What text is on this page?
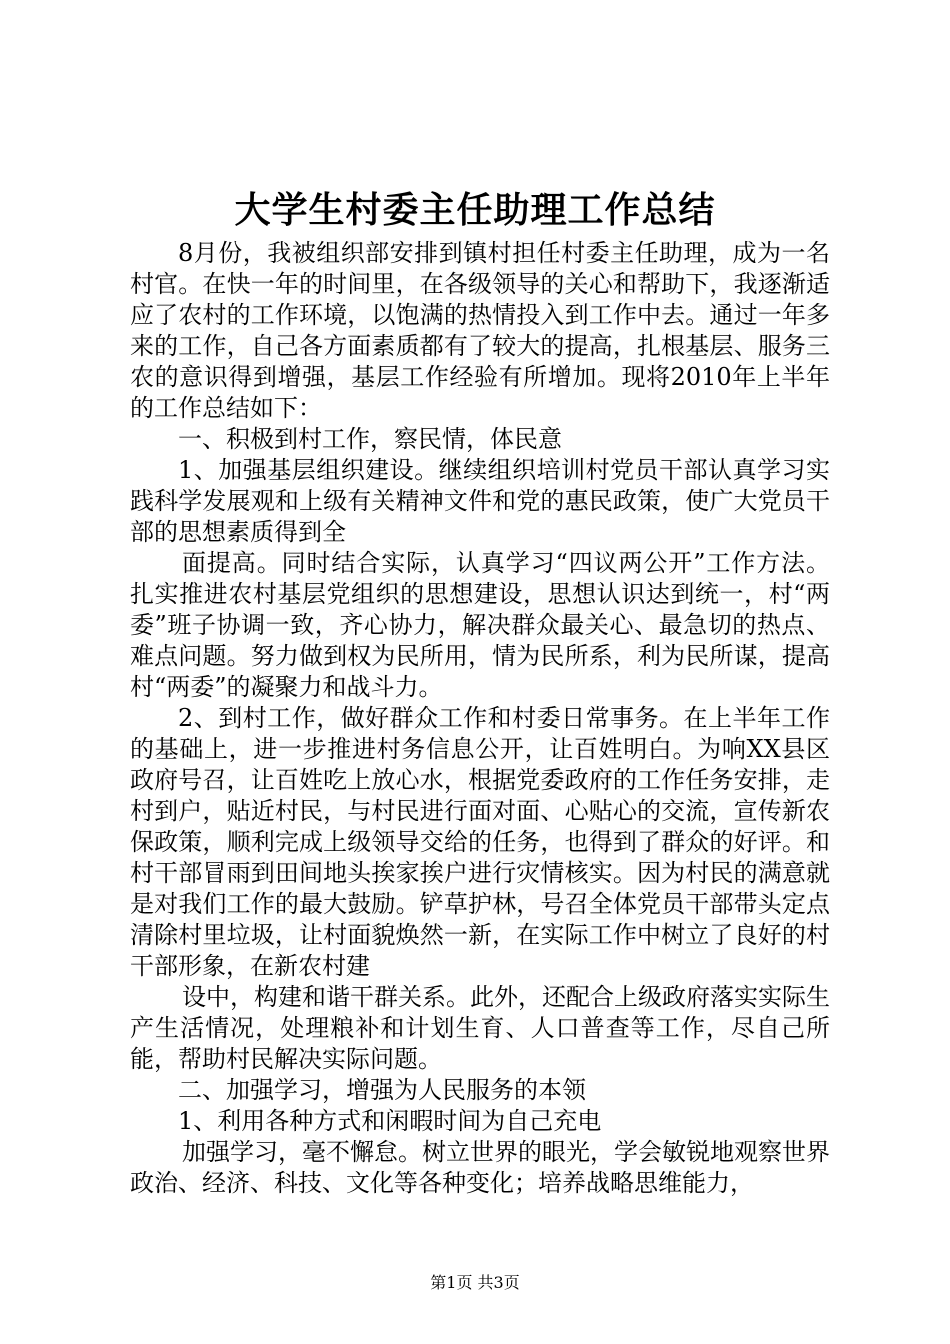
大学生村委主任助理工作总结

8月份，我被组织部安排到镇村担任村委主任助理，成为一名村官。在快一年的时间里，在各级领导的关心和帮助下，我逐渐适应了农村的工作环境，以饱满的热情投入到工作中去。通过一年多来的工作，自己各方面素质都有了较大的提高，扎根基层、服务三农的意识得到增强，基层工作经验有所增加。现将2010年上半年的工作总结如下：

一、积极到村工作，察民情，体民意

1、加强基层组织建设。继续组织培训村党员干部认真学习实践科学发展观和上级有关精神文件和党的惠民政策，使广大党员干部的思想素质得到全

面提高。同时结合实际，认真学习“四议两公开”工作方法。扎实推进农村基层党组织的思想建设，思想认识达到统一，村“两委”班子协调一致，齐心协力，解决群众最关心、最急切的热点、难点问题。努力做到权为民所用，情为民所系，利为民所谋，提高村“两委”的凝聚力和战斗力。

2、到村工作，做好群众工作和村委日常事务。在上半年工作的基础上，进一步推进村务信息公开，让百姓明白。为响XX县区政府号召，让百姓吃上放心水，根据党委政府的工作任务安排，走村到户，贴近村民，与村民进行面对面、心贴心的交流，宣传新农保政策，顺利完成上级领导交给的任务，也得到了群众的好评。和村干部冒雨到田间地头挨家挨户进行灾情核实。因为村民的满意就是对我们工作的最大鼓励。铲草护林，号召全体党员干部带头定点清除村里垃圾，让村面貌焕然一新，在实际工作中树立了良好的村干部形象，在新农村建

设中，构建和谐干群关系。此外，还配合上级政府落实实际生产生活情况，处理粮补和计划生育、人口普查等工作，尽自己所能，帮助村民解决实际问题。

二、加强学习，增强为人民服务的本领

1、利用各种方式和闲暇时间为自己充电

加强学习，毫不懈怠。树立世界的眼光，学会敏锐地观察世界政治、经济、科技、文化等各种变化；培养战略思维能力，

第1页 共3页
